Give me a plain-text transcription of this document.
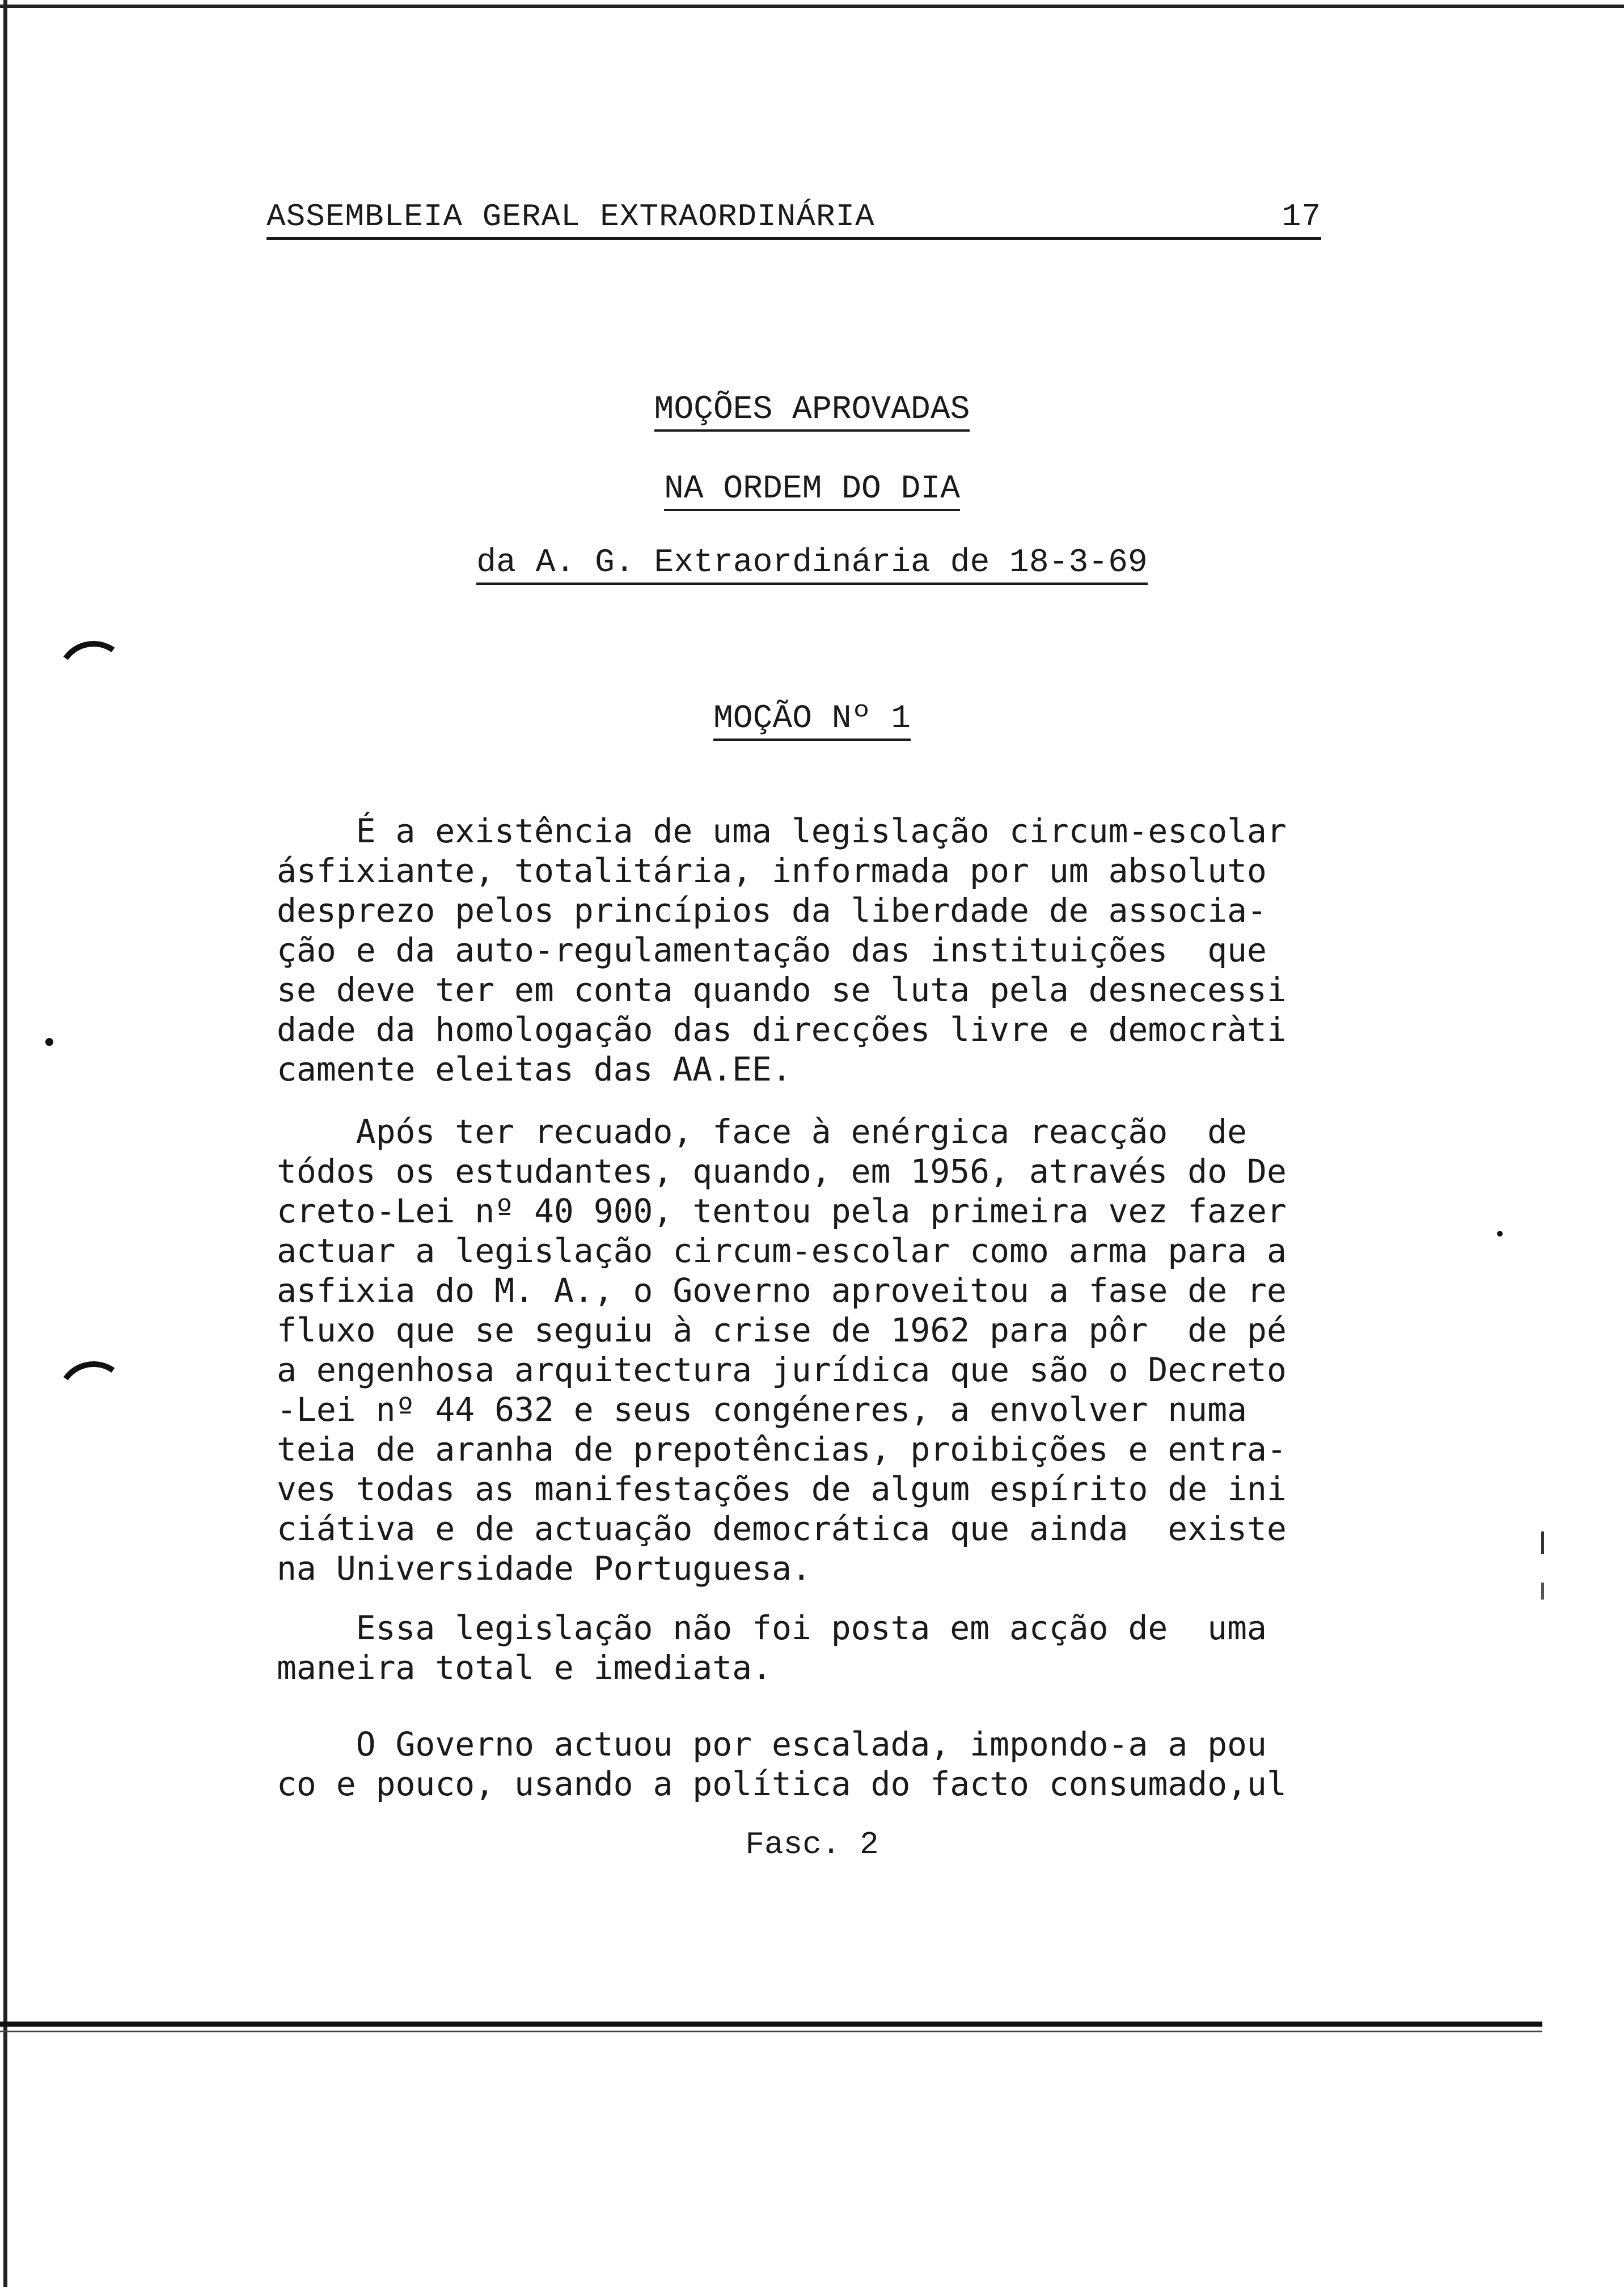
ASSEMBLEIA GERAL EXTRAORDINÁRIA	17
MOÇÕES APROVADAS
NA ORDEM DO DIA
da A. G. Extraordinária de 18-3-69
MOÇÃO Nº 1
É a existência de uma legislação circum-escolar
ásfixiante, totalitária, informada por um absoluto
desprezo pelos princípios da liberdade de associa-
ção e da auto-regulamentação das instituições  que
se deve ter em conta quando se luta pela desnecessi
dade da homologação das direcções livre e democràti
camente eleitas das AA.EE.
Após ter recuado, face à enérgica reacção  de
tódos os estudantes, quando, em 1956, através do De
creto-Lei nº 40 900, tentou pela primeira vez fazer
actuar a legislação circum-escolar como arma para a
asfixia do M. A., o Governo aproveitou a fase de re
fluxo que se seguiu à crise de 1962 para pôr  de pé
a engenhosa arquitectura jurídica que são o Decreto
-Lei nº 44 632 e seus congéneres, a envolver numa
teia de aranha de prepotências, proibições e entra-
ves todas as manifestações de algum espírito de ini
ciátiva e de actuação democrática que ainda  existe
na Universidade Portuguesa.
Essa legislação não foi posta em acção de  uma
maneira total e imediata.
O Governo actuou por escalada, impondo-a a pou
co e pouco, usando a política do facto consumado,ul
Fasc. 2
